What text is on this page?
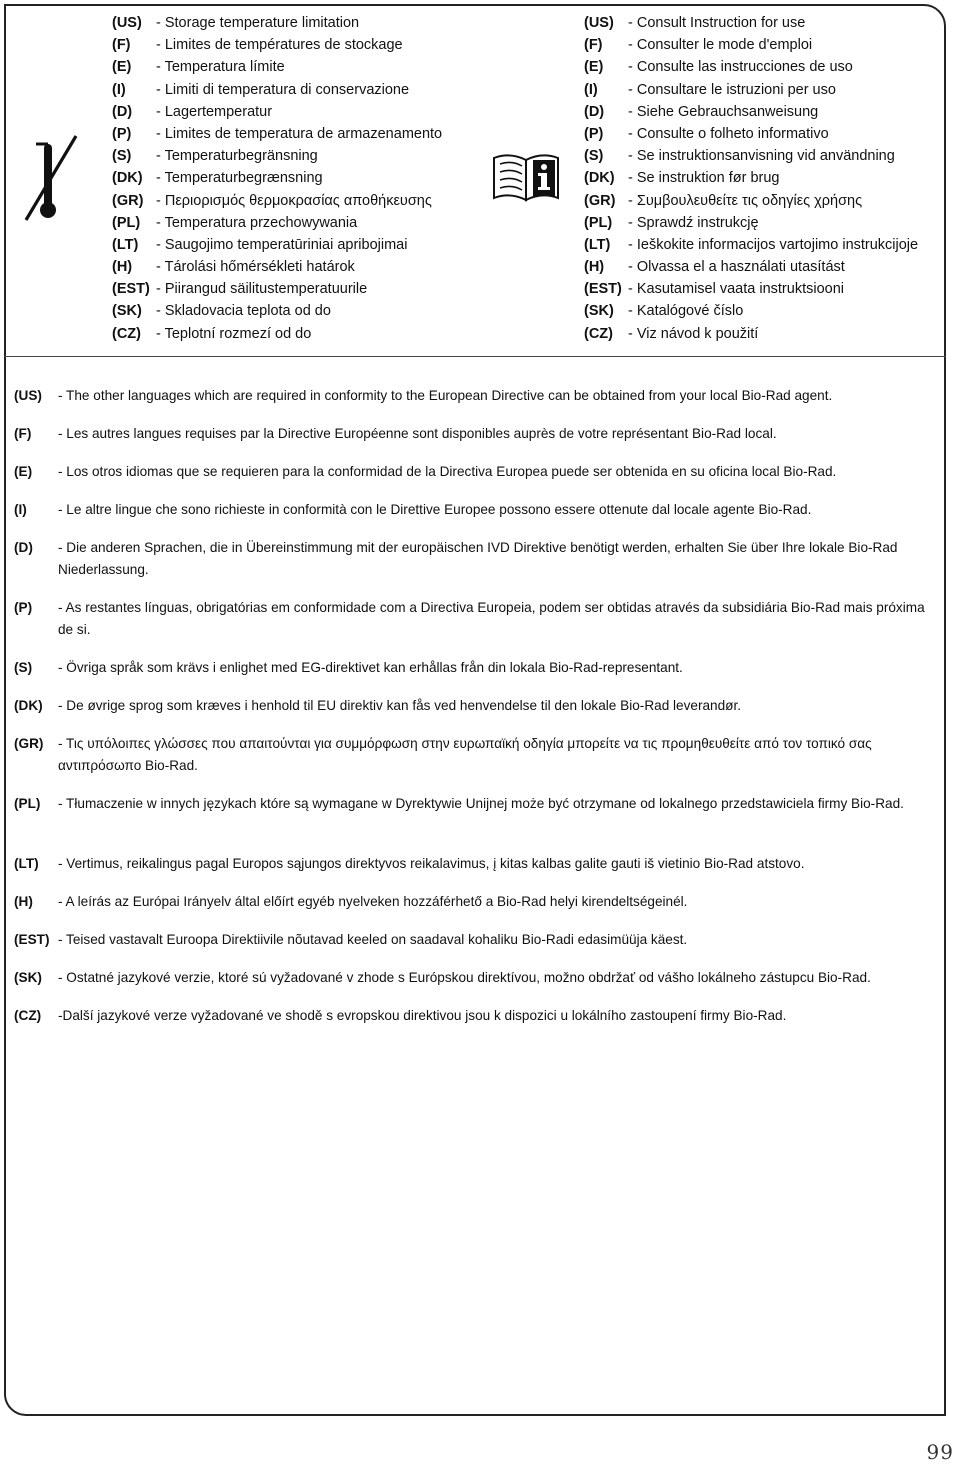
(US) - Storage temperature limitation
(F) - Limites de températures de stockage
(E) - Temperatura límite
(I) - Limiti di temperatura di conservazione
(D) - Lagertemperatur
(P) - Limites de temperatura de armazenamento
(S) - Temperaturbegränsning
(DK) - Temperaturbegrænsning
(GR) - Περιορισμός θερμοκρασίας αποθήκευσης
(PL) - Temperatura przechowywania
(LT) - Saugojimo temperatūriniai apribojimai
(H) - Tárolási hőmérsékleti határok
(EST) - Piirangud säilitustemperatuurile
(SK) - Skladovacia teplota od do
(CZ) - Teplotní rozmezí od do
(US) - Consult Instruction for use
(F) - Consulter le mode d'emploi
(E) - Consulte las instrucciones de uso
(I) - Consultare le istruzioni per uso
(D) - Siehe Gebrauchsanweisung
(P) - Consulte o folheto informativo
(S) - Se instruktionsanvisning vid användning
(DK) - Se instruktion før brug
(GR) - Συμβουλευθείτε τις οδηγίες χρήσης
(PL) - Sprawdź instrukcję
(LT) - Ieškokite informacijos vartojimo instrukcijoje
(H) - Olvassa el a használati utasítást
(EST) - Kasutamisel vaata instruktsiooni
(SK) - Katalógové číslo
(CZ) - Viz návod k použití
(US) - The other languages which are required in conformity to the European Directive can be obtained from your local Bio-Rad agent.
(F) - Les autres langues requises par la Directive Européenne sont disponibles auprès de votre représentant Bio-Rad local.
(E) - Los otros idiomas que se requieren para la conformidad de la Directiva Europea puede ser obtenida en su oficina local Bio-Rad.
(I) - Le altre lingue che sono richieste in conformità con le Direttive Europee possono essere ottenute dal locale agente Bio-Rad.
(D) - Die anderen Sprachen, die in Übereinstimmung mit der europäischen IVD Direktive benötigt werden, erhalten Sie über Ihre lokale Bio-Rad Niederlassung.
(P) - As restantes línguas, obrigatórias em conformidade com a Directiva Europeia, podem ser obtidas através da subsidiária Bio-Rad mais próxima de si.
(S) - Övriga språk som krävs i enlighet med EG-direktivet kan erhållas från din lokala Bio-Rad-representant.
(DK) - De øvrige sprog som kræves i henhold til EU direktiv kan fås ved henvendelse til den lokale Bio-Rad leverandør.
(GR) - Τις υπόλοιπες γλώσσες που απαιτούνται για συμμόρφωση στην ευρωπαϊκή οδηγία μπορείτε να τις προμηθευθείτε από τον τοπικό σας αντιπρόσωπο Bio-Rad.
(PL) - Tłumaczenie w innych językach które są wymagane w Dyrektywie Unijnej może być otrzymane od lokalnego przedstawiciela firmy Bio-Rad.
(LT) - Vertimus, reikalingus pagal Europos sąjungos direktyvos reikalavimus, į kitas kalbas galite gauti iš vietinio Bio-Rad atstovo.
(H) - A leírás az Európai Irányelv által előírt egyéb nyelveken hozzáférhető a Bio-Rad helyi kirendeltségeinél.
(EST) - Teised vastavalt Euroopa Direktiivile nõutavad keeled on saadaval kohaliku Bio-Radi edasimüüja käest.
(SK) - Ostatné jazykové verzie, ktoré sú vyžadované v zhode s Európskou direktívou, možno obdržať od vášho lokálneho zástupcu Bio-Rad.
(CZ) -Další jazykové verze vyžadované ve shodě s evropskou direktivou jsou k dispozici u lokálního zastoupení firmy Bio-Rad.
99
